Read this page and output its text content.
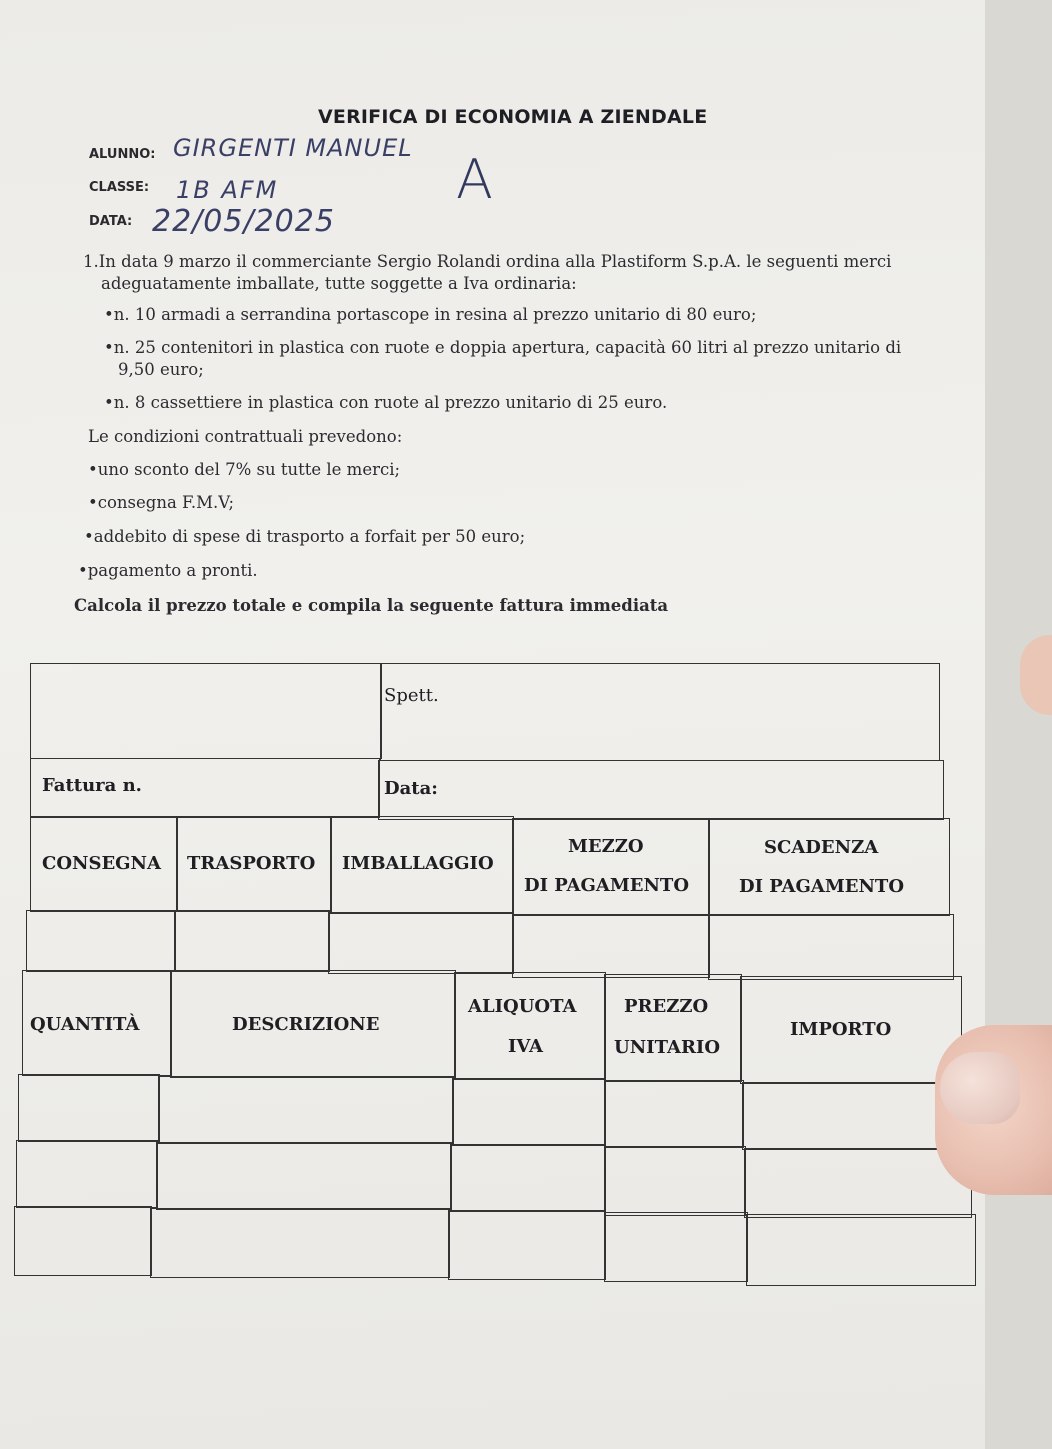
VERIFICA DI ECONOMIA A ZIENDALE
ALUNNO: GIRGENTI MANUEL
CLASSE: 1B AFM
DATA: 22/05/2025
A
1.In data 9 marzo il commerciante Sergio Rolandi ordina alla Plastiform S.p.A. le seguenti merci
adeguatamente imballate, tutte soggette a Iva ordinaria:
• n. 10 armadi a serrandina portascope in resina al prezzo unitario di 80 euro;
• n. 25 contenitori in plastica con ruote e doppia apertura, capacità 60 litri al prezzo unitario di
9,50 euro;
• n. 8 cassettiere in plastica con ruote al prezzo unitario di 25 euro.
Le condizioni contrattuali prevedono:
• uno sconto del 7% su tutte le merci;
• consegna F.M.V;
• addebito di spese di trasporto a forfait per 50 euro;
• pagamento a pronti.
Calcola il prezzo totale e compila la seguente fattura immediata
Spett.
Fattura n.	Data:
CONSEGNA TRASPORTO IMBALLAGGIO
MEZZO
DI PAGAMENTO
SCADENZA
DI PAGAMENTO
QUANTITÀ	DESCRIZIONE
ALIQUOTA
IVA
PREZZO
UNITARIO
IMPORTO
